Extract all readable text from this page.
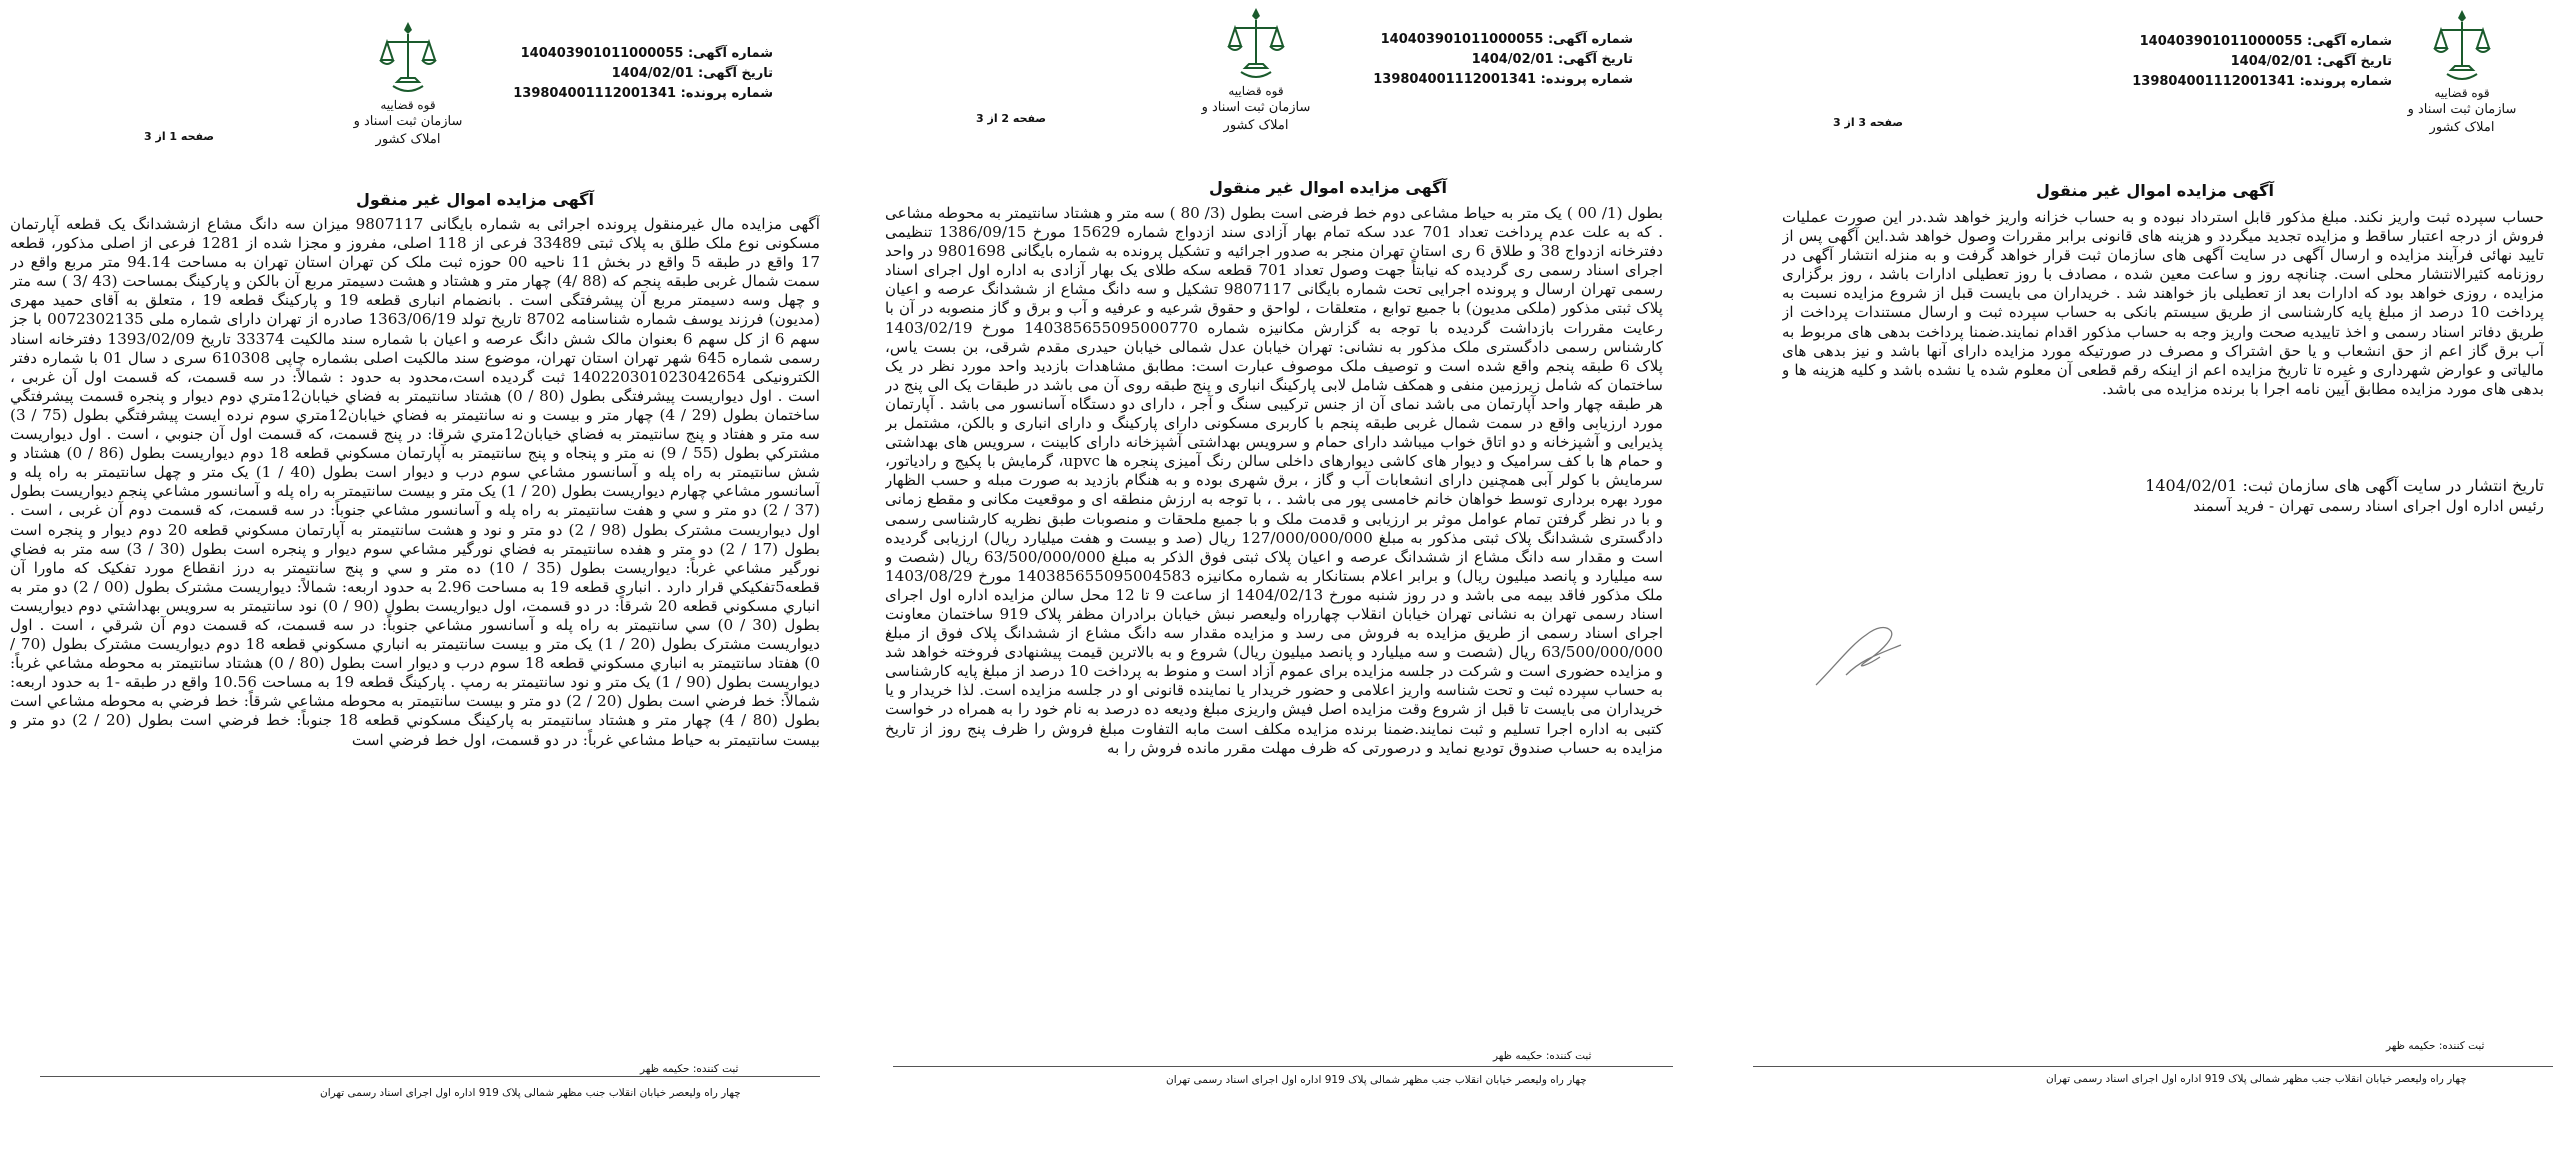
قوه قضاییه
سازمان ثبت اسناد و املاک کشور
شماره آگهی: 140403901011000055
تاریخ آگهی: 1404/02/01
شماره پرونده: 139804001112001341
صفحه 3 از 3
آگهی مزایده اموال غیر منقول
حساب سپرده ثبت واریز نکند. مبلغ مذکور قابل استرداد نبوده و به حساب خزانه واریز خواهد شد.در این صورت عملیات فروش از درجه اعتبار ساقط و مزایده تجدید میگردد و هزینه های قانونی برابر مقررات وصول خواهد شد.این آگهی پس از تایید نهائی فرآیند مزایده و ارسال آگهی در سایت آگهی های سازمان ثبت قرار خواهد گرفت و به منزله انتشار آگهی در روزنامه کثیرالانتشار محلی است. چنانچه روز و ساعت معین شده ، مصادف با روز تعطیلی ادارات باشد ، روز برگزاری مزایده ، روزی خواهد بود که ادارات بعد از تعطیلی باز خواهند شد . خریداران می بایست قبل از شروع مزایده نسبت به پرداخت 10 درصد از مبلغ پایه کارشناسی از طریق سیستم بانکی به حساب سپرده ثبت و ارسال مستندات پرداخت از طریق دفاتر اسناد رسمی و اخذ تاییدیه صحت واریز وجه به حساب مذکور اقدام نمایند.ضمنا پرداخت بدهی های مربوط به آب برق گاز اعم از حق انشعاب و یا حق اشتراک و مصرف در صورتیکه مورد مزایده دارای آنها باشد و نیز بدهی های مالیاتی و عوارض شهرداری و غیره تا تاریخ مزایده اعم از اینکه رقم قطعی آن معلوم شده یا نشده باشد و کلیه هزینه ها و بدهی های مورد مزایده مطابق آیین نامه اجرا با برنده مزایده می باشد.
تاریخ انتشار در سایت آگهی های سازمان ثبت: 1404/02/01
رئیس اداره اول اجرای اسناد رسمی تهران - فرید آسمند
ثبت کننده: حکیمه ظهر
چهار راه ولیعصر خیابان انقلاب جنب مظهر شمالی پلاک 919 اداره اول اجرای اسناد رسمی تهران
قوه قضاییه
سازمان ثبت اسناد و املاک کشور
شماره آگهی: 140403901011000055
تاریخ آگهی: 1404/02/01
شماره پرونده: 139804001112001341
صفحه 2 از 3
آگهی مزایده اموال غیر منقول
بطول (1/ 00 ) یک متر به حیاط مشاعی دوم خط فرضی است بطول (3/ 80 ) سه متر و هشتاد سانتیمتر به محوطه مشاعی . که به علت عدم پرداخت تعداد 701 عدد سکه تمام بهار آزادی سند ازدواج شماره 15629 مورخ 1386/09/15 تنظیمی دفترخانه ازدواج 38 و طلاق 6 ری استان تهران منجر به صدور اجرائیه و تشکیل پرونده به شماره بایگانی 9801698 در واحد اجرای اسناد رسمی ری گردیده که نیابتاً جهت وصول تعداد 701 قطعه سکه طلای یک بهار آزادی به اداره اول اجرای اسناد رسمی تهران ارسال و پرونده اجرایی تحت شماره بایگانی 9807117 تشکیل و سه دانگ مشاع از ششدانگ عرصه و اعیان پلاک ثبتی مذکور (ملکی مدیون) با جمیع توابع ، متعلقات ، لواحق و حقوق شرعیه و عرفیه و آب و برق و گاز منصوبه در آن با رعایت مقررات بازداشت گردیده با توجه به گزارش مکانیزه شماره 140385655095000770 مورخ 1403/02/19 کارشناس رسمی دادگستری ملک مذکور به نشانی: تهران خیابان عدل شمالی خیابان حیدری مقدم شرقی، بن بست یاس، پلاک 6 طبقه پنجم واقع شده است و توصیف ملک موصوف عبارت است: مطابق مشاهدات بازدید واحد مورد نظر در یک ساختمان که شامل زیرزمین منفی و همکف شامل لابی پارکینگ انباری و پنج طبقه روی آن می باشد در طبقات یک الی پنج در هر طبقه چهار واحد آپارتمان می باشد نمای آن از جنس ترکیبی سنگ و آجر ، دارای دو دستگاه آسانسور می باشد . آپارتمان مورد ارزیابی واقع در سمت شمال غربی طبقه پنجم با کاربری مسکونی دارای پارکینگ و دارای انباری و بالکن، مشتمل بر پذیرایی و آشپزخانه و دو اتاق خواب میباشد دارای حمام و سرویس بهداشتی آشپزخانه دارای کابینت ، سرویس های بهداشتی و حمام ها با کف سرامیک و دیوار های کاشی دیوارهای داخلی سالن رنگ آمیزی پنجره ها upvc، گرمایش با پکیج و رادیاتور، سرمایش با کولر آبی همچنین دارای انشعابات آب و گاز ، برق شهری بوده و به هنگام بازدید به صورت مبله و حسب الظهار مورد بهره برداری توسط خواهان خانم خامسی پور می باشد . ، با توجه به ارزش منطقه ای و موقعیت مکانی و مقطع زمانی و با در نظر گرفتن تمام عوامل موثر بر ارزیابی و قدمت ملک و با جمیع ملحقات و منصوبات طبق نظریه کارشناسی رسمی دادگستری ششدانگ پلاک ثبتی مذکور به مبلغ 127/000/000/000 ریال (صد و بیست و هفت میلیارد ریال) ارزیابی گردیده است و مقدار سه دانگ مشاع از ششدانگ عرصه و اعیان پلاک ثبتی فوق الذکر به مبلغ 63/500/000/000 ریال (شصت و سه میلیارد و پانصد میلیون ریال) و برابر اعلام بستانکار به شماره مکانیزه 140385655095004583 مورخ 1403/08/29 ملک مذکور فاقد بیمه می باشد و در روز شنبه مورخ 1404/02/13 از ساعت 9 تا 12 محل سالن مزایده اداره اول اجرای اسناد رسمی تهران به نشانی تهران خیابان انقلاب چهارراه ولیعصر نبش خیابان برادران مظفر پلاک 919 ساختمان معاونت اجرای اسناد رسمی از طریق مزایده به فروش می رسد و مزایده مقدار سه دانگ مشاع از ششدانگ پلاک فوق از مبلغ 63/500/000/000 ریال (شصت و سه میلیارد و پانصد میلیون ریال) شروع و به بالاترین قیمت پیشنهادی فروخته خواهد شد و مزایده حضوری است و شرکت در جلسه مزایده برای عموم آزاد است و منوط به پرداخت 10 درصد از مبلغ پایه کارشناسی به حساب سپرده ثبت و تحت شناسه واریز اعلامی و حضور خریدار یا نماینده قانونی او در جلسه مزایده است. لذا خریدار و یا خریداران می بایست تا قبل از شروع وقت مزایده اصل فیش واریزی مبلغ ودیعه ده درصد به نام خود را به همراه در خواست کتبی به اداره اجرا تسلیم و ثبت نمایند.ضمنا برنده مزایده مکلف است مابه التفاوت مبلغ فروش را ظرف پنج روز از تاریخ مزایده به حساب صندوق تودیع نماید و درصورتی که ظرف مهلت مقرر مانده فروش را به
ثبت کننده: حکیمه ظهر
چهار راه ولیعصر خیابان انقلاب جنب مظهر شمالی پلاک 919 اداره اول اجرای اسناد رسمی تهران
قوه قضاییه
سازمان ثبت اسناد و املاک کشور
شماره آگهی: 140403901011000055
تاریخ آگهی: 1404/02/01
شماره پرونده: 139804001112001341
صفحه 1 از 3
آگهی مزایده اموال غیر منقول
آگهی مزایده مال غیرمنقول پرونده اجرائی به شماره بایگانی 9807117 میزان سه دانگ مشاع ازششدانگ یک قطعه آپارتمان مسکونی نوع ملک طلق به پلاک ثبتی 33489 فرعی از 118 اصلی، مفروز و مجزا شده از 1281 فرعی از اصلی مذکور، قطعه 17 واقع در طبقه 5 واقع در بخش 11 ناحیه 00 حوزه ثبت ملک کن تهران استان تهران به مساحت 94.14 متر مربع واقع در سمت شمال غربی طبقه پنجم که (88 /4) چهار متر و هشتاد و هشت دسیمتر مربع آن بالکن و پارکینگ بمساحت (43 /3 ) سه متر و چهل وسه دسیمتر مربع آن پیشرفتگی است . بانضمام انباری قطعه 19 و پارکینگ قطعه 19 ، متعلق به آقای حمید مهری (مدیون) فرزند یوسف شماره شناسنامه 8702 تاریخ تولد 1363/06/19 صادره از تهران دارای شماره ملی 0072302135 با جز سهم 6 از کل سهم 6 بعنوان مالک شش دانگ عرصه و اعیان با شماره سند مالکیت 33374 تاریخ 1393/02/09 دفترخانه اسناد رسمی شماره 645 شهر تهران استان تهران، موضوع سند مالکیت اصلی بشماره چاپی 610308 سری د سال 01 با شماره دفتر الکترونیکی 140220301023042654 ثبت گردیده است،محدود به حدود : شمالاً: در سه قسمت، که قسمت اول آن غربی ، است . اول دیواریست پیشرفتگی بطول (80 / 0) هشتاد سانتیمتر به فضاي خيابان12متري دوم ديوار و پنجره قسمت پيشرفتگي ساختمان بطول (29 / 4) چهار متر و بيست و نه سانتيمتر به فضاي خيابان12متري سوم نرده ايست پيشرفتگي بطول (75 / 3) سه متر و هفتاد و پنج سانتيمتر به فضاي خيابان12متري شرقا: در پنج قسمت، كه قسمت اول آن جنوبي ، است . اول ديواريست مشتركي بطول (55 / 9) نه متر و پنجاه و پنج سانتيمتر به آپارتمان مسكوني قطعه 18 دوم ديواريست بطول (86 / 0) هشتاد و شش سانتيمتر به راه پله و آسانسور مشاعي سوم درب و ديوار است بطول (40 / 1) يک متر و چهل سانتيمتر به راه پله و آسانسور مشاعي چهارم ديواريست بطول (20 / 1) يک متر و بيست سانتيمتر به راه پله و آسانسور مشاعي پنجم ديواريست بطول (37 / 2) دو متر و سي و هفت سانتيمتر به راه پله و آسانسور مشاعي جنوباً: در سه قسمت، که قسمت دوم آن غربی ، است . اول ديواريست مشترک بطول (98 / 2) دو متر و نود و هشت سانتيمتر به آپارتمان مسكوني قطعه 20 دوم ديوار و پنجره است بطول (17 / 2) دو متر و هفده سانتيمتر به فضاي نورگير مشاعي سوم ديوار و پنجره است بطول (30 / 3) سه متر به فضاي نورگير مشاعي غرباً: ديواريست بطول (35 / 10) ده متر و سي و پنج سانتيمتر به درز انقطاع مورد تفکيک که ماورا آن قطعه5تفکيکي قرار دارد . انباری قطعه 19 به مساحت 2.96 به حدود اربعه: شمالاً: ديواريست مشترک بطول (00 / 2) دو متر به انباري مسکوني قطعه 20 شرقاً: در دو قسمت، اول ديواريست بطول (90 / 0) نود سانتيمتر به سرويس بهداشتي دوم ديواريست بطول (30 / 0) سي سانتيمتر به راه پله و آسانسور مشاعي جنوباً: در سه قسمت، که قسمت دوم آن شرقي ، است . اول ديواريست مشترک بطول (20 / 1) يک متر و بيست سانتيمتر به انباري مسکوني قطعه 18 دوم ديواريست مشترک بطول (70 / 0) هفتاد سانتيمتر به انباري مسکوني قطعه 18 سوم درب و ديوار است بطول (80 / 0) هشتاد سانتيمتر به محوطه مشاعي غرباً: ديواريست بطول (90 / 1) يک متر و نود سانتيمتر به رمپ . پارکينگ قطعه 19 به مساحت 10.56 واقع در طبقه -1 به حدود اربعه: شمالاً: خط فرضي است بطول (20 / 2) دو متر و بيست سانتيمتر به محوطه مشاعي شرقاً: خط فرضي به محوطه مشاعي است بطول (80 / 4) چهار متر و هشتاد سانتيمتر به پارکينگ مسکوني قطعه 18 جنوباً: خط فرضي است بطول (20 / 2) دو متر و بيست سانتيمتر به حياط مشاعي غرباً: در دو قسمت، اول خط فرضي است
ثبت کننده: حکیمه ظهر
چهار راه ولیعصر خیابان انقلاب جنب مظهر شمالی پلاک 919 اداره اول اجرای اسناد رسمی تهران
